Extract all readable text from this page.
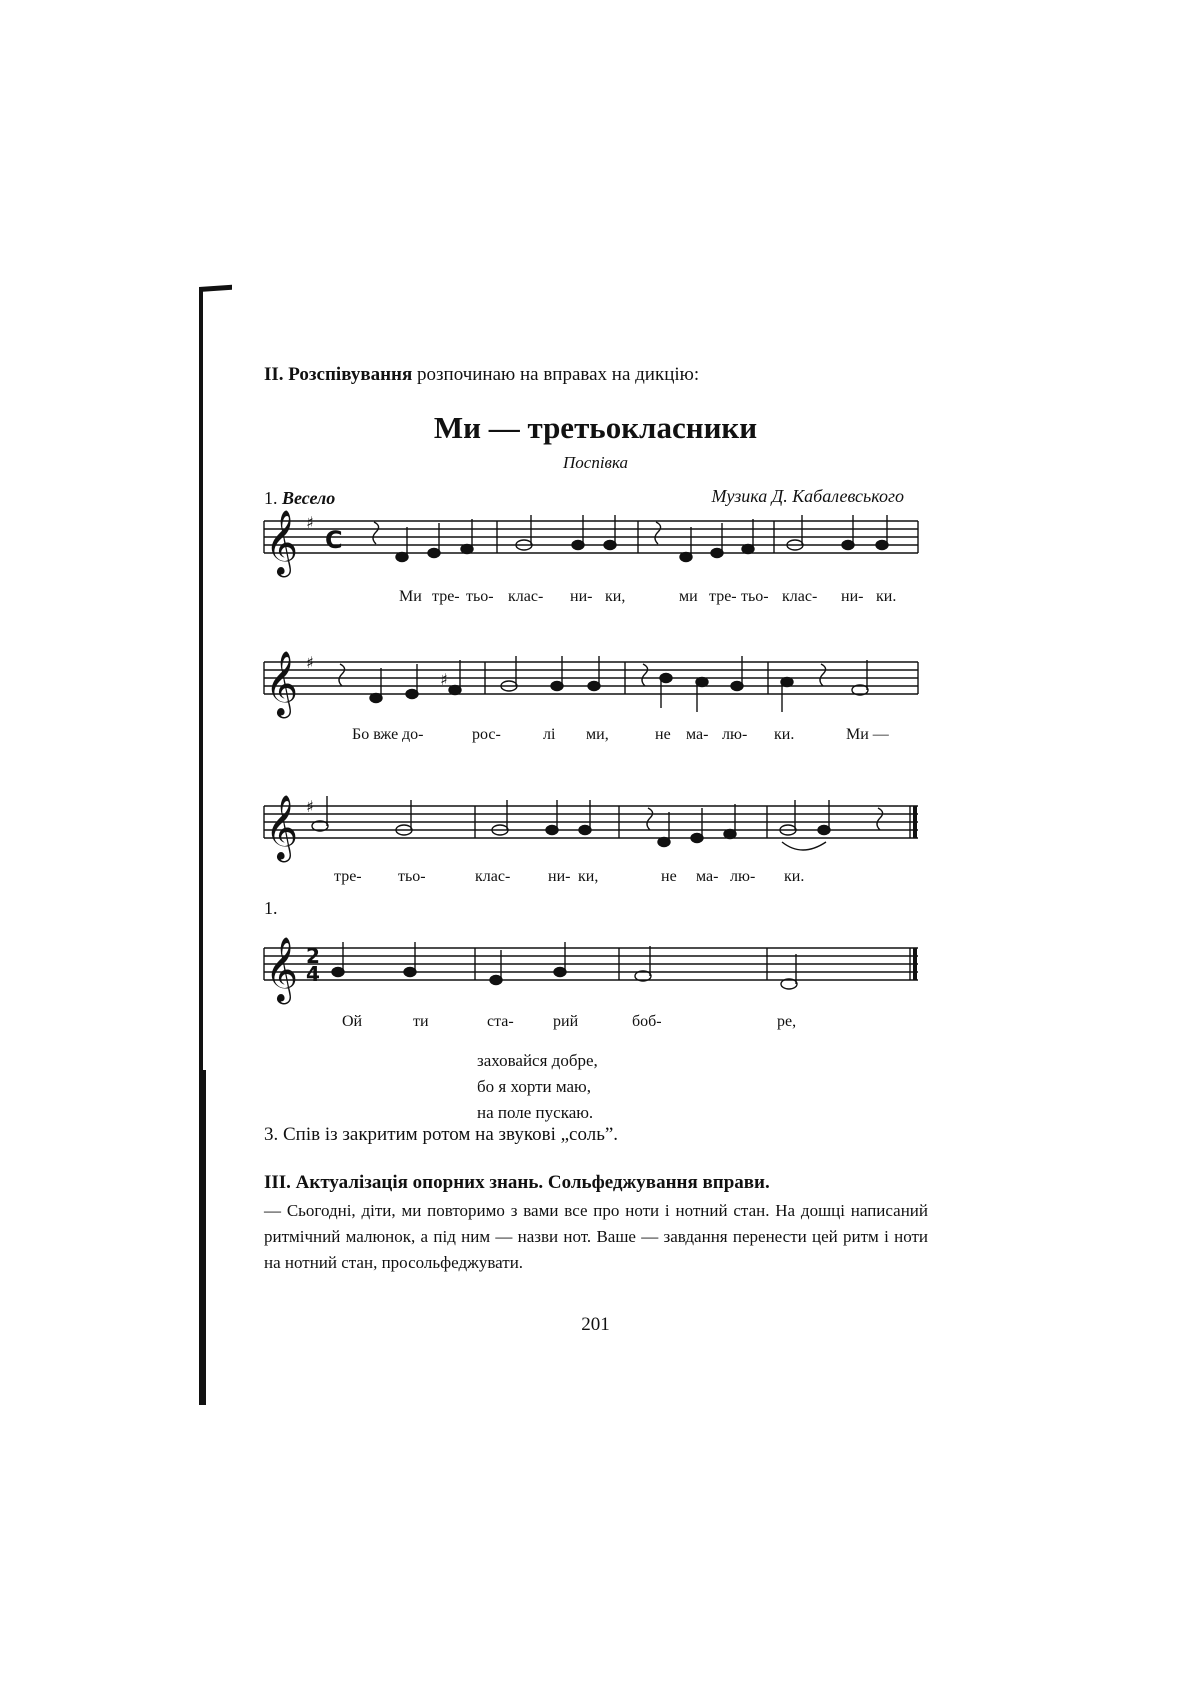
ІІ. Розспівування розпочинаю на вправах на дикцію:
Ми — третьокласники
Поспівка
1. Весело	Музика Д. Кабалевського
𝄞
𝄞
𝄞
𝄞
♯
♯
♯
C
2
4
♯
Ми тре- тьо- клас- ни- ки,	ми тре- тьо- клас- ни- ки.
Бо вже до-	рос-	лі ми,	не ма- лю- ки.	Ми —
тре- тьо-	клас- ни- ки,	не ма- лю- ки.
Ой	ти	ста- рий	боб-	ре,
1.
заховайся добре,
бо я хорти маю,
на поле пускаю.
3. Спів із закритим ротом на звукові „соль”.
ІІІ. Актуалізація опорних знань. Сольфеджування вправи.
— Сьогодні, діти, ми повторимо з вами все про ноти і нотний стан. На дошці написаний ритмічний малюнок, а під ним — назви нот. Ваше — завдання перенести цей ритм і ноти на нотний стан, просольфеджувати.
201
